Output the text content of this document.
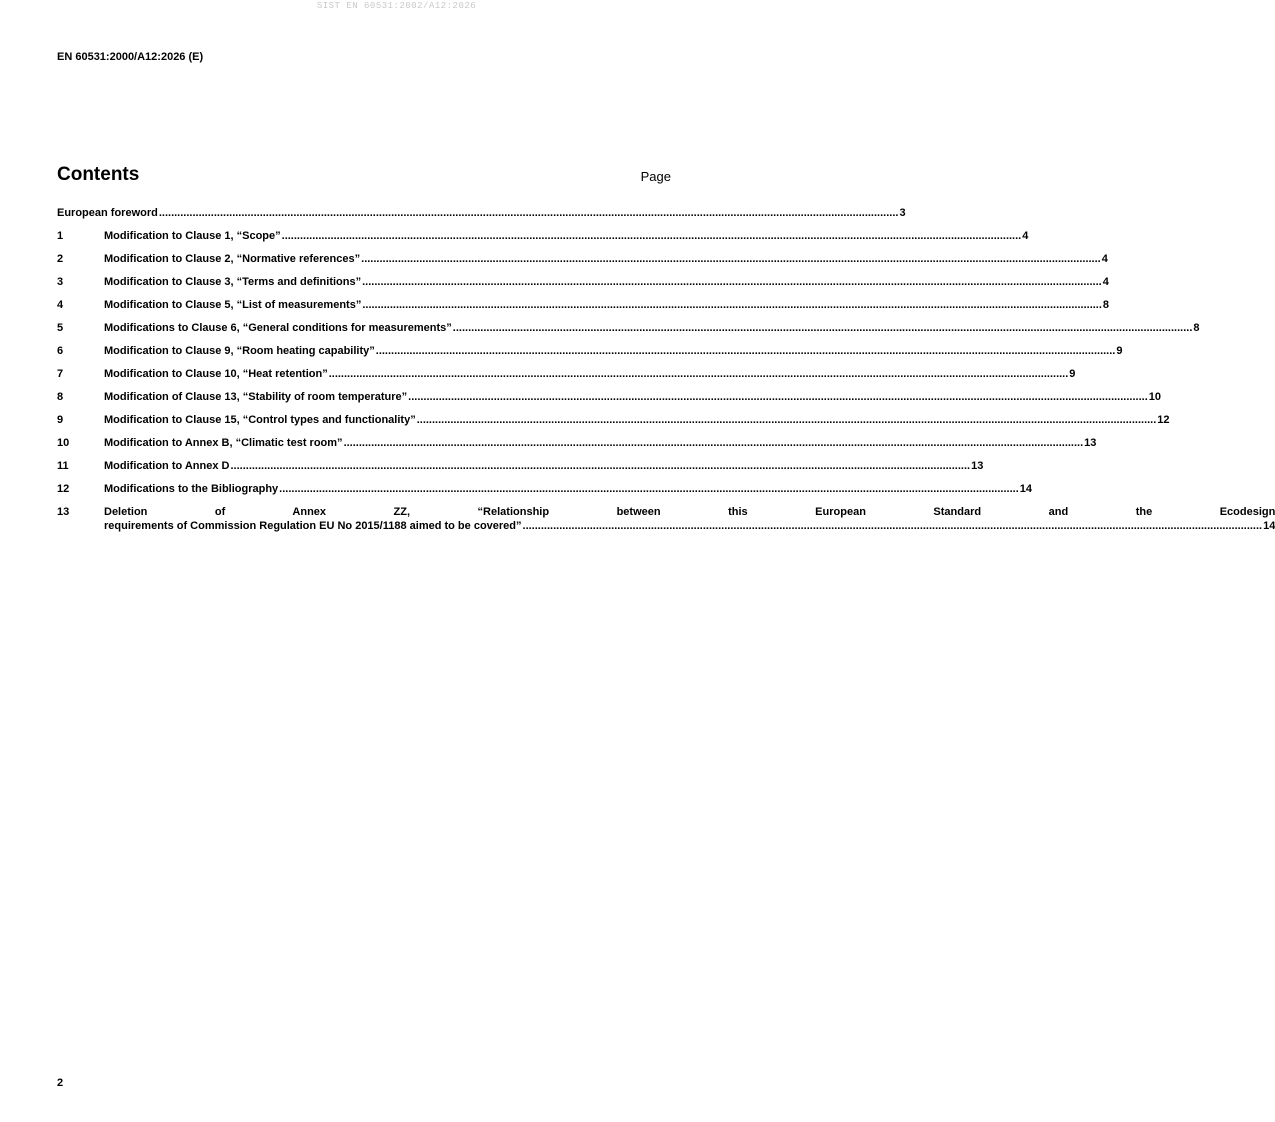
SIST EN 60531:2002/A12:2026
EN 60531:2000/A12:2026 (E)
Contents	Page
European foreword .....	3
1	Modification to Clause 1, “Scope” .....	4
2	Modification to Clause 2, “Normative references” .....	4
3	Modification to Clause 3, “Terms and definitions” .....	4
4	Modification to Clause 5, “List of measurements” .....	8
5	Modifications to Clause 6, “General conditions for measurements” .....	8
6	Modification to Clause 9, “Room heating capability” .....	9
7	Modification to Clause 10, “Heat retention” .....	9
8	Modification of Clause 13, “Stability of room temperature” .....	10
9	Modification to Clause 15, “Control types and functionality” .....	12
10	Modification to Annex B, “Climatic test room” .....	13
11	Modification to Annex D .....	13
12	Modifications to the Bibliography .....	14
13	Deletion of Annex ZZ, “Relationship between this European Standard and the Ecodesign
requirements of Commission Regulation EU No 2015/1188 aimed to be covered” .....	14
2
